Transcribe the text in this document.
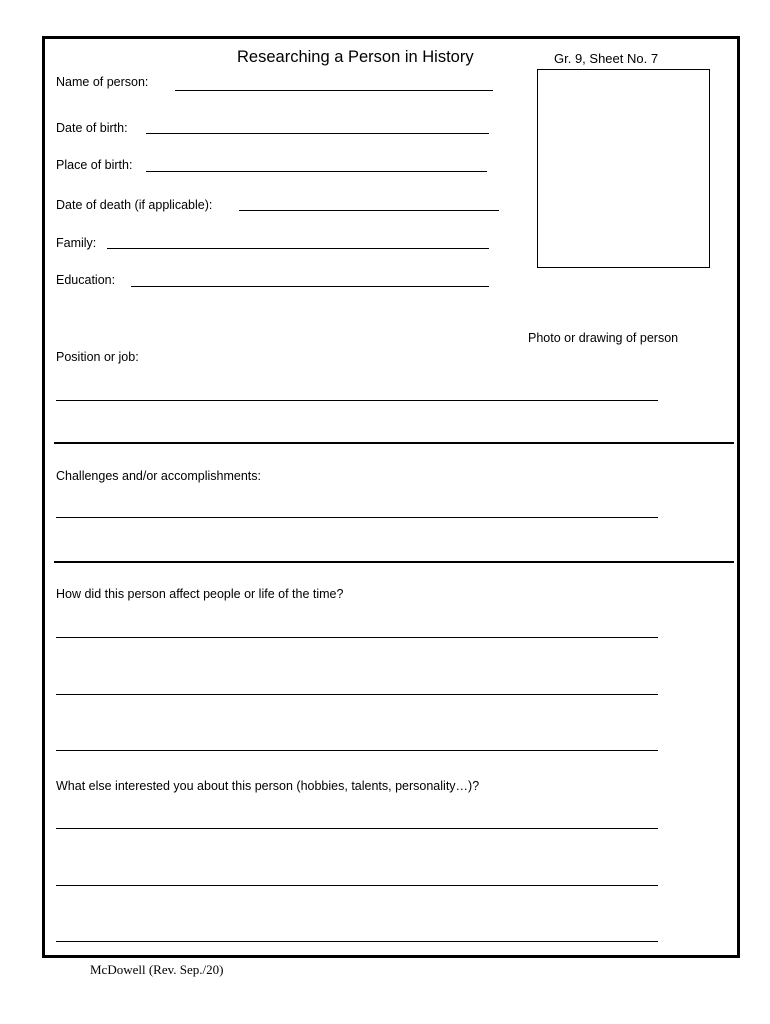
Researching a Person in History	Gr. 9, Sheet No. 7
Photo or drawing of person
Name of person:
Date of birth:
Place of birth:
Date of death (if applicable):
Family:
Education:
Position or job:
Challenges and/or accomplishments:
How did this person affect people or life of the time?
What else interested you about this person (hobbies, talents, personality…)?
McDowell (Rev. Sep./20)
